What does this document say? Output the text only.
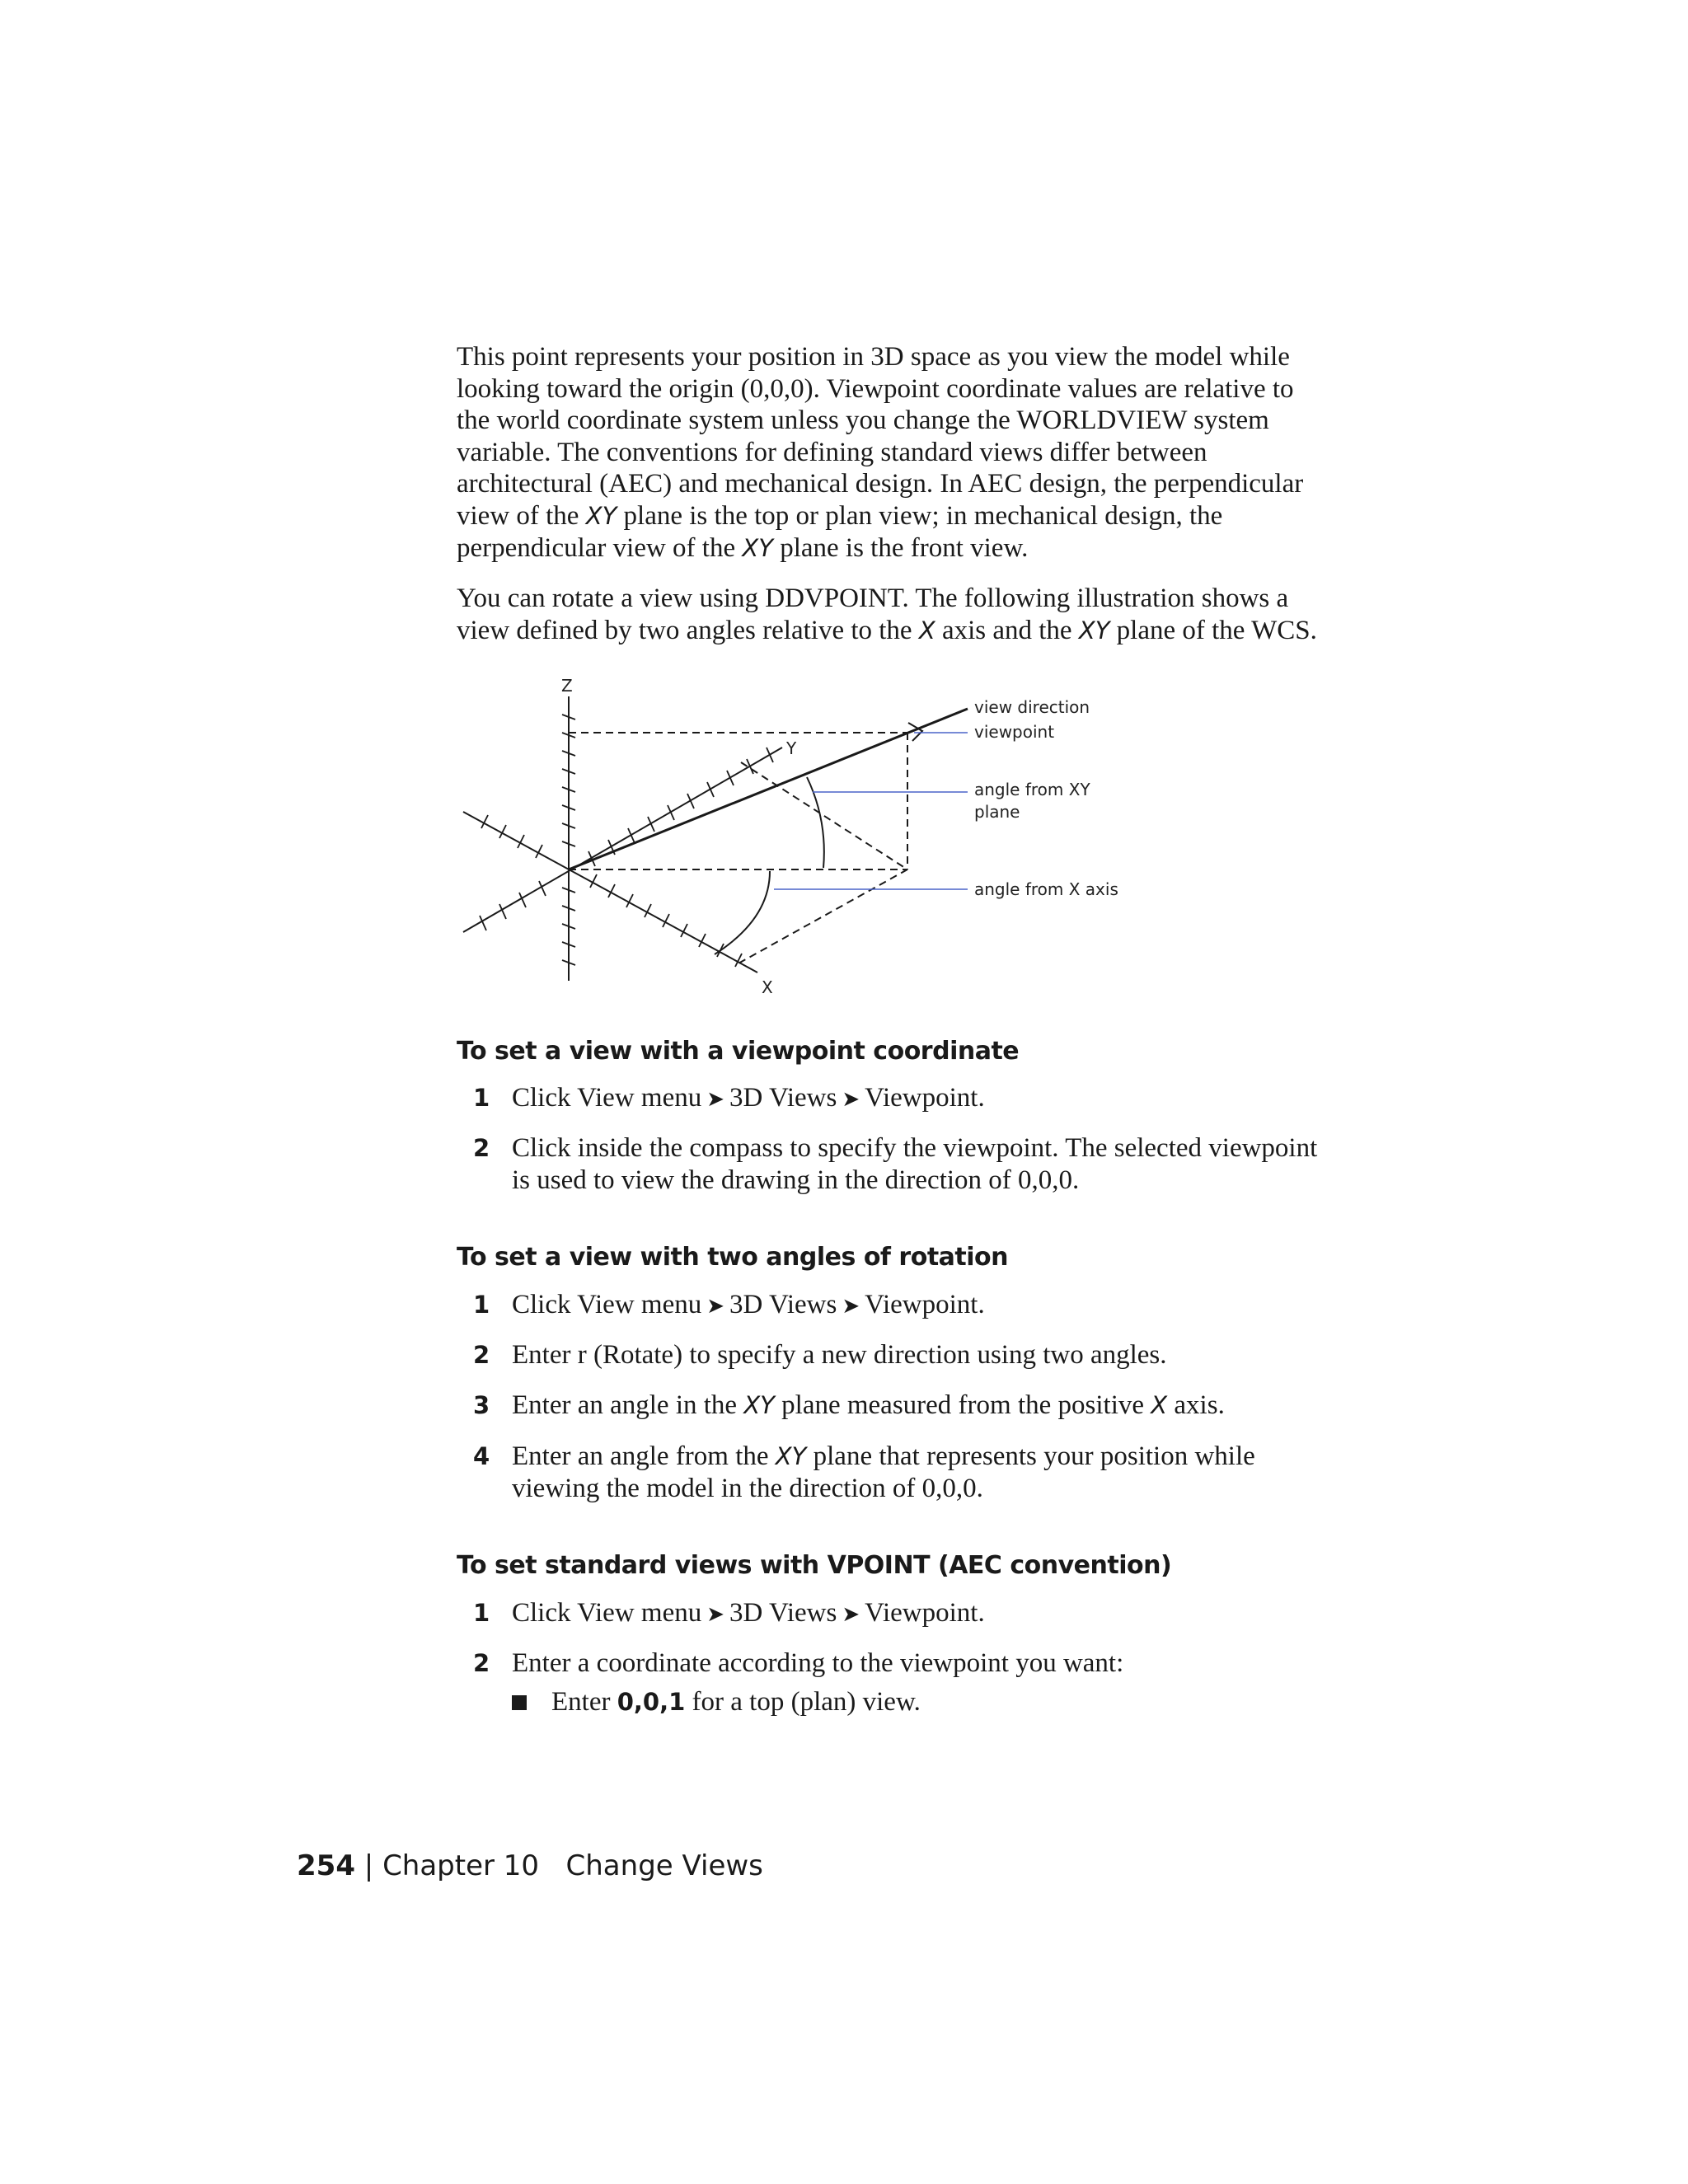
This point represents your position in 3D space as you view the model while
looking toward the origin (0,0,0). Viewpoint coordinate values are relative to
the world coordinate system unless you change the WORLDVIEW system
variable. The conventions for defining standard views differ between
architectural (AEC) and mechanical design. In AEC design, the perpendicular
view of the XY plane is the top or plan view; in mechanical design, the
perpendicular view of the XY plane is the front view.
You can rotate a view using DDVPOINT. The following illustration shows a
view defined by two angles relative to the X axis and the XY plane of the WCS.
Z
Y
X
view direction
viewpoint
angle from XY
plane
angle from X axis
To set a view with a viewpoint coordinate
1 Click View menu ➤ 3D Views ➤ Viewpoint.
2 Click inside the compass to specify the viewpoint. The selected viewpoint
is used to view the drawing in the direction of 0,0,0.
To set a view with two angles of rotation
1 Click View menu ➤ 3D Views ➤ Viewpoint.
2 Enter r (Rotate) to specify a new direction using two angles.
3 Enter an angle in the XY plane measured from the positive X axis.
4 Enter an angle from the XY plane that represents your position while
viewing the model in the direction of 0,0,0.
To set standard views with VPOINT (AEC convention)
1 Click View menu ➤ 3D Views ➤ Viewpoint.
2 Enter a coordinate according to the viewpoint you want:
Enter 0,0,1 for a top (plan) view.
254 | Chapter 10 Change Views
